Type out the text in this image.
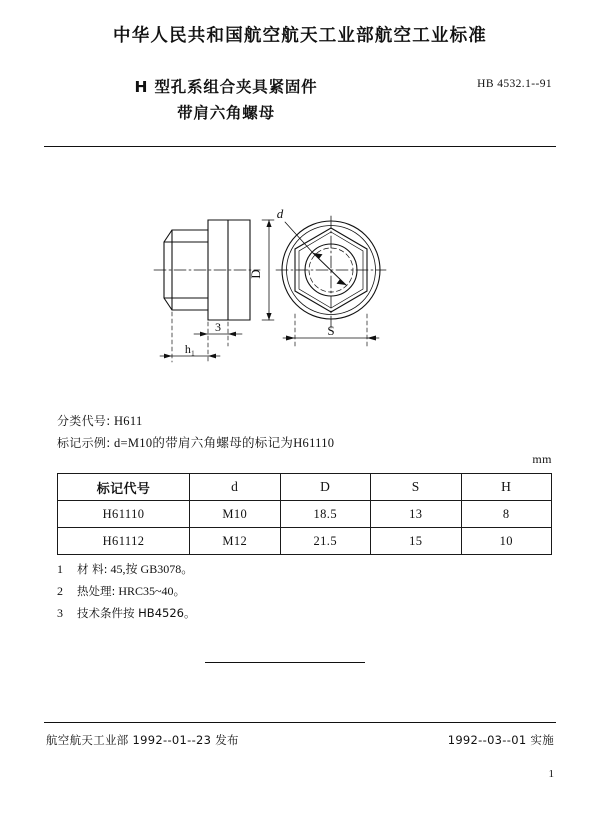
中华人民共和国航空航天工业部航空工业标准
H 型孔系组合夹具紧固件
带肩六角螺母
HB 4532.1--91
D
3
h₁
d
S
分类代号: H611
标记示例: d=M10的带肩六角螺母的标记为H61110
mm
标记代号	d	D	S	H
H61110	M10	18.5	13	8
H61112	M12	21.5	15	10
1 材 料: 45,按 GB3078。
2 热处理: HRC35~40。
3 技术条件按 HB4526。
航空航天工业部 1992--01--23 发布	1992--03--01 实施
1
